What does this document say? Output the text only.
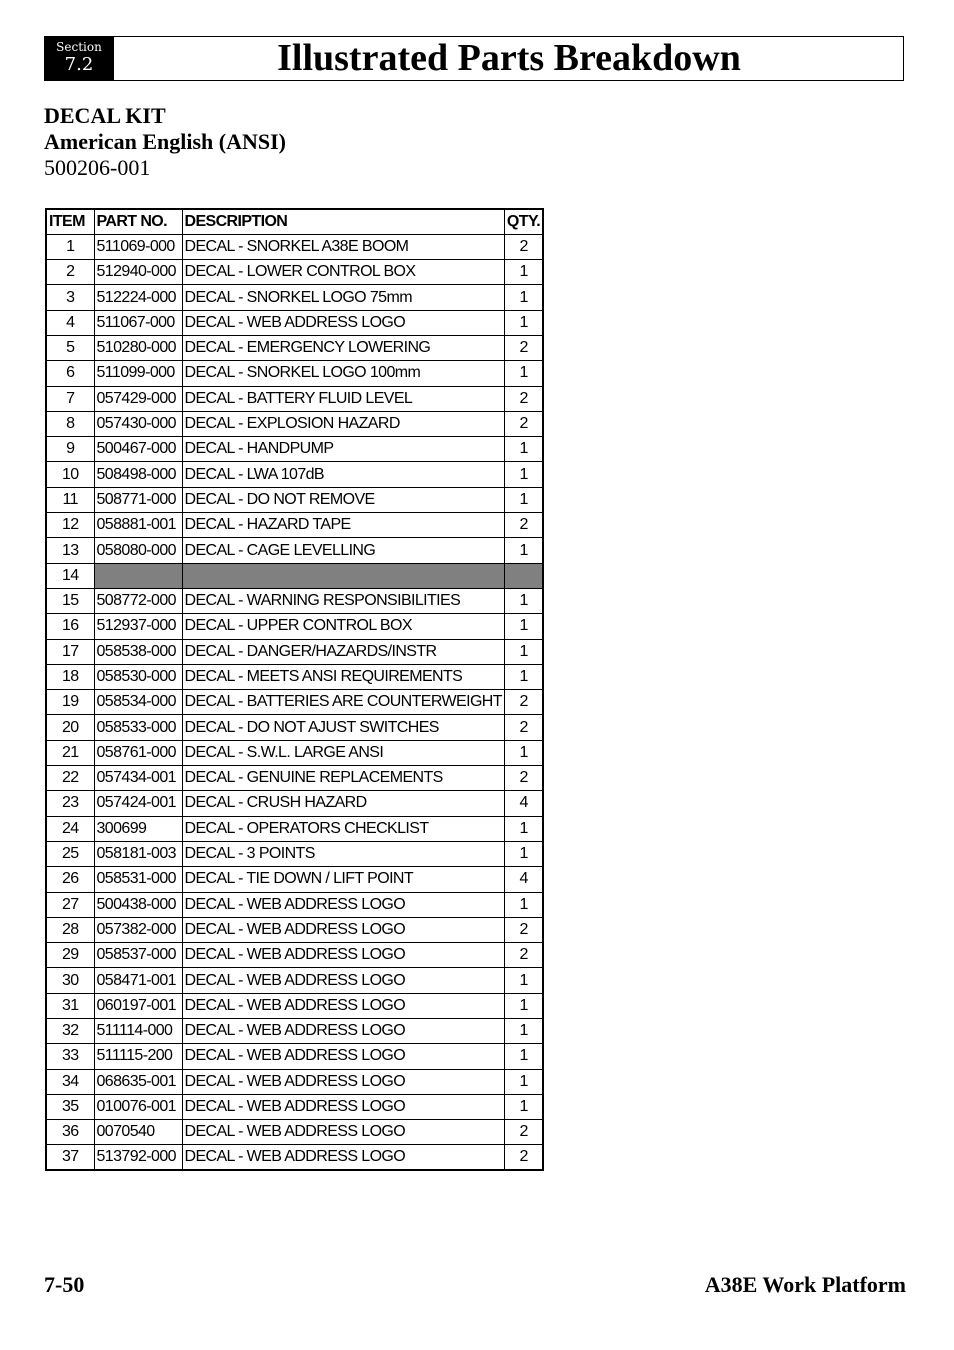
Section
7.2	Illustrated Parts Breakdown
DECAL KIT
American English (ANSI)
500206-001
ITEM	PART NO.	DESCRIPTION	QTY.
1	511069-000	DECAL - SNORKEL A38E BOOM	2
2	512940-000	DECAL - LOWER CONTROL BOX	1
3	512224-000	DECAL - SNORKEL LOGO 75mm	1
4	511067-000	DECAL - WEB ADDRESS LOGO	1
5	510280-000	DECAL - EMERGENCY LOWERING	2
6	511099-000	DECAL - SNORKEL LOGO 100mm	1
7	057429-000	DECAL - BATTERY FLUID LEVEL	2
8	057430-000	DECAL - EXPLOSION HAZARD	2
9	500467-000	DECAL - HANDPUMP	1
10	508498-000	DECAL - LWA 107dB	1
11	508771-000	DECAL - DO NOT REMOVE	1
12	058881-001	DECAL - HAZARD TAPE	2
13	058080-000	DECAL - CAGE LEVELLING	1
14			
15	508772-000	DECAL - WARNING RESPONSIBILITIES	1
16	512937-000	DECAL - UPPER CONTROL BOX	1
17	058538-000	DECAL - DANGER/HAZARDS/INSTR	1
18	058530-000	DECAL - MEETS ANSI REQUIREMENTS	1
19	058534-000	DECAL - BATTERIES ARE COUNTERWEIGHT	2
20	058533-000	DECAL - DO NOT AJUST SWITCHES	2
21	058761-000	DECAL - S.W.L. LARGE ANSI	1
22	057434-001	DECAL - GENUINE REPLACEMENTS	2
23	057424-001	DECAL - CRUSH HAZARD	4
24	300699	DECAL - OPERATORS CHECKLIST	1
25	058181-003	DECAL - 3 POINTS	1
26	058531-000	DECAL - TIE DOWN / LIFT POINT	4
27	500438-000	DECAL - WEB ADDRESS LOGO	1
28	057382-000	DECAL - WEB ADDRESS LOGO	2
29	058537-000	DECAL - WEB ADDRESS LOGO	2
30	058471-001	DECAL - WEB ADDRESS LOGO	1
31	060197-001	DECAL - WEB ADDRESS LOGO	1
32	511114-000	DECAL - WEB ADDRESS LOGO	1
33	511115-200	DECAL - WEB ADDRESS LOGO	1
34	068635-001	DECAL - WEB ADDRESS LOGO	1
35	010076-001	DECAL - WEB ADDRESS LOGO	1
36	0070540	DECAL - WEB ADDRESS LOGO	2
37	513792-000	DECAL - WEB ADDRESS LOGO	2
7-50	A38E Work Platform
